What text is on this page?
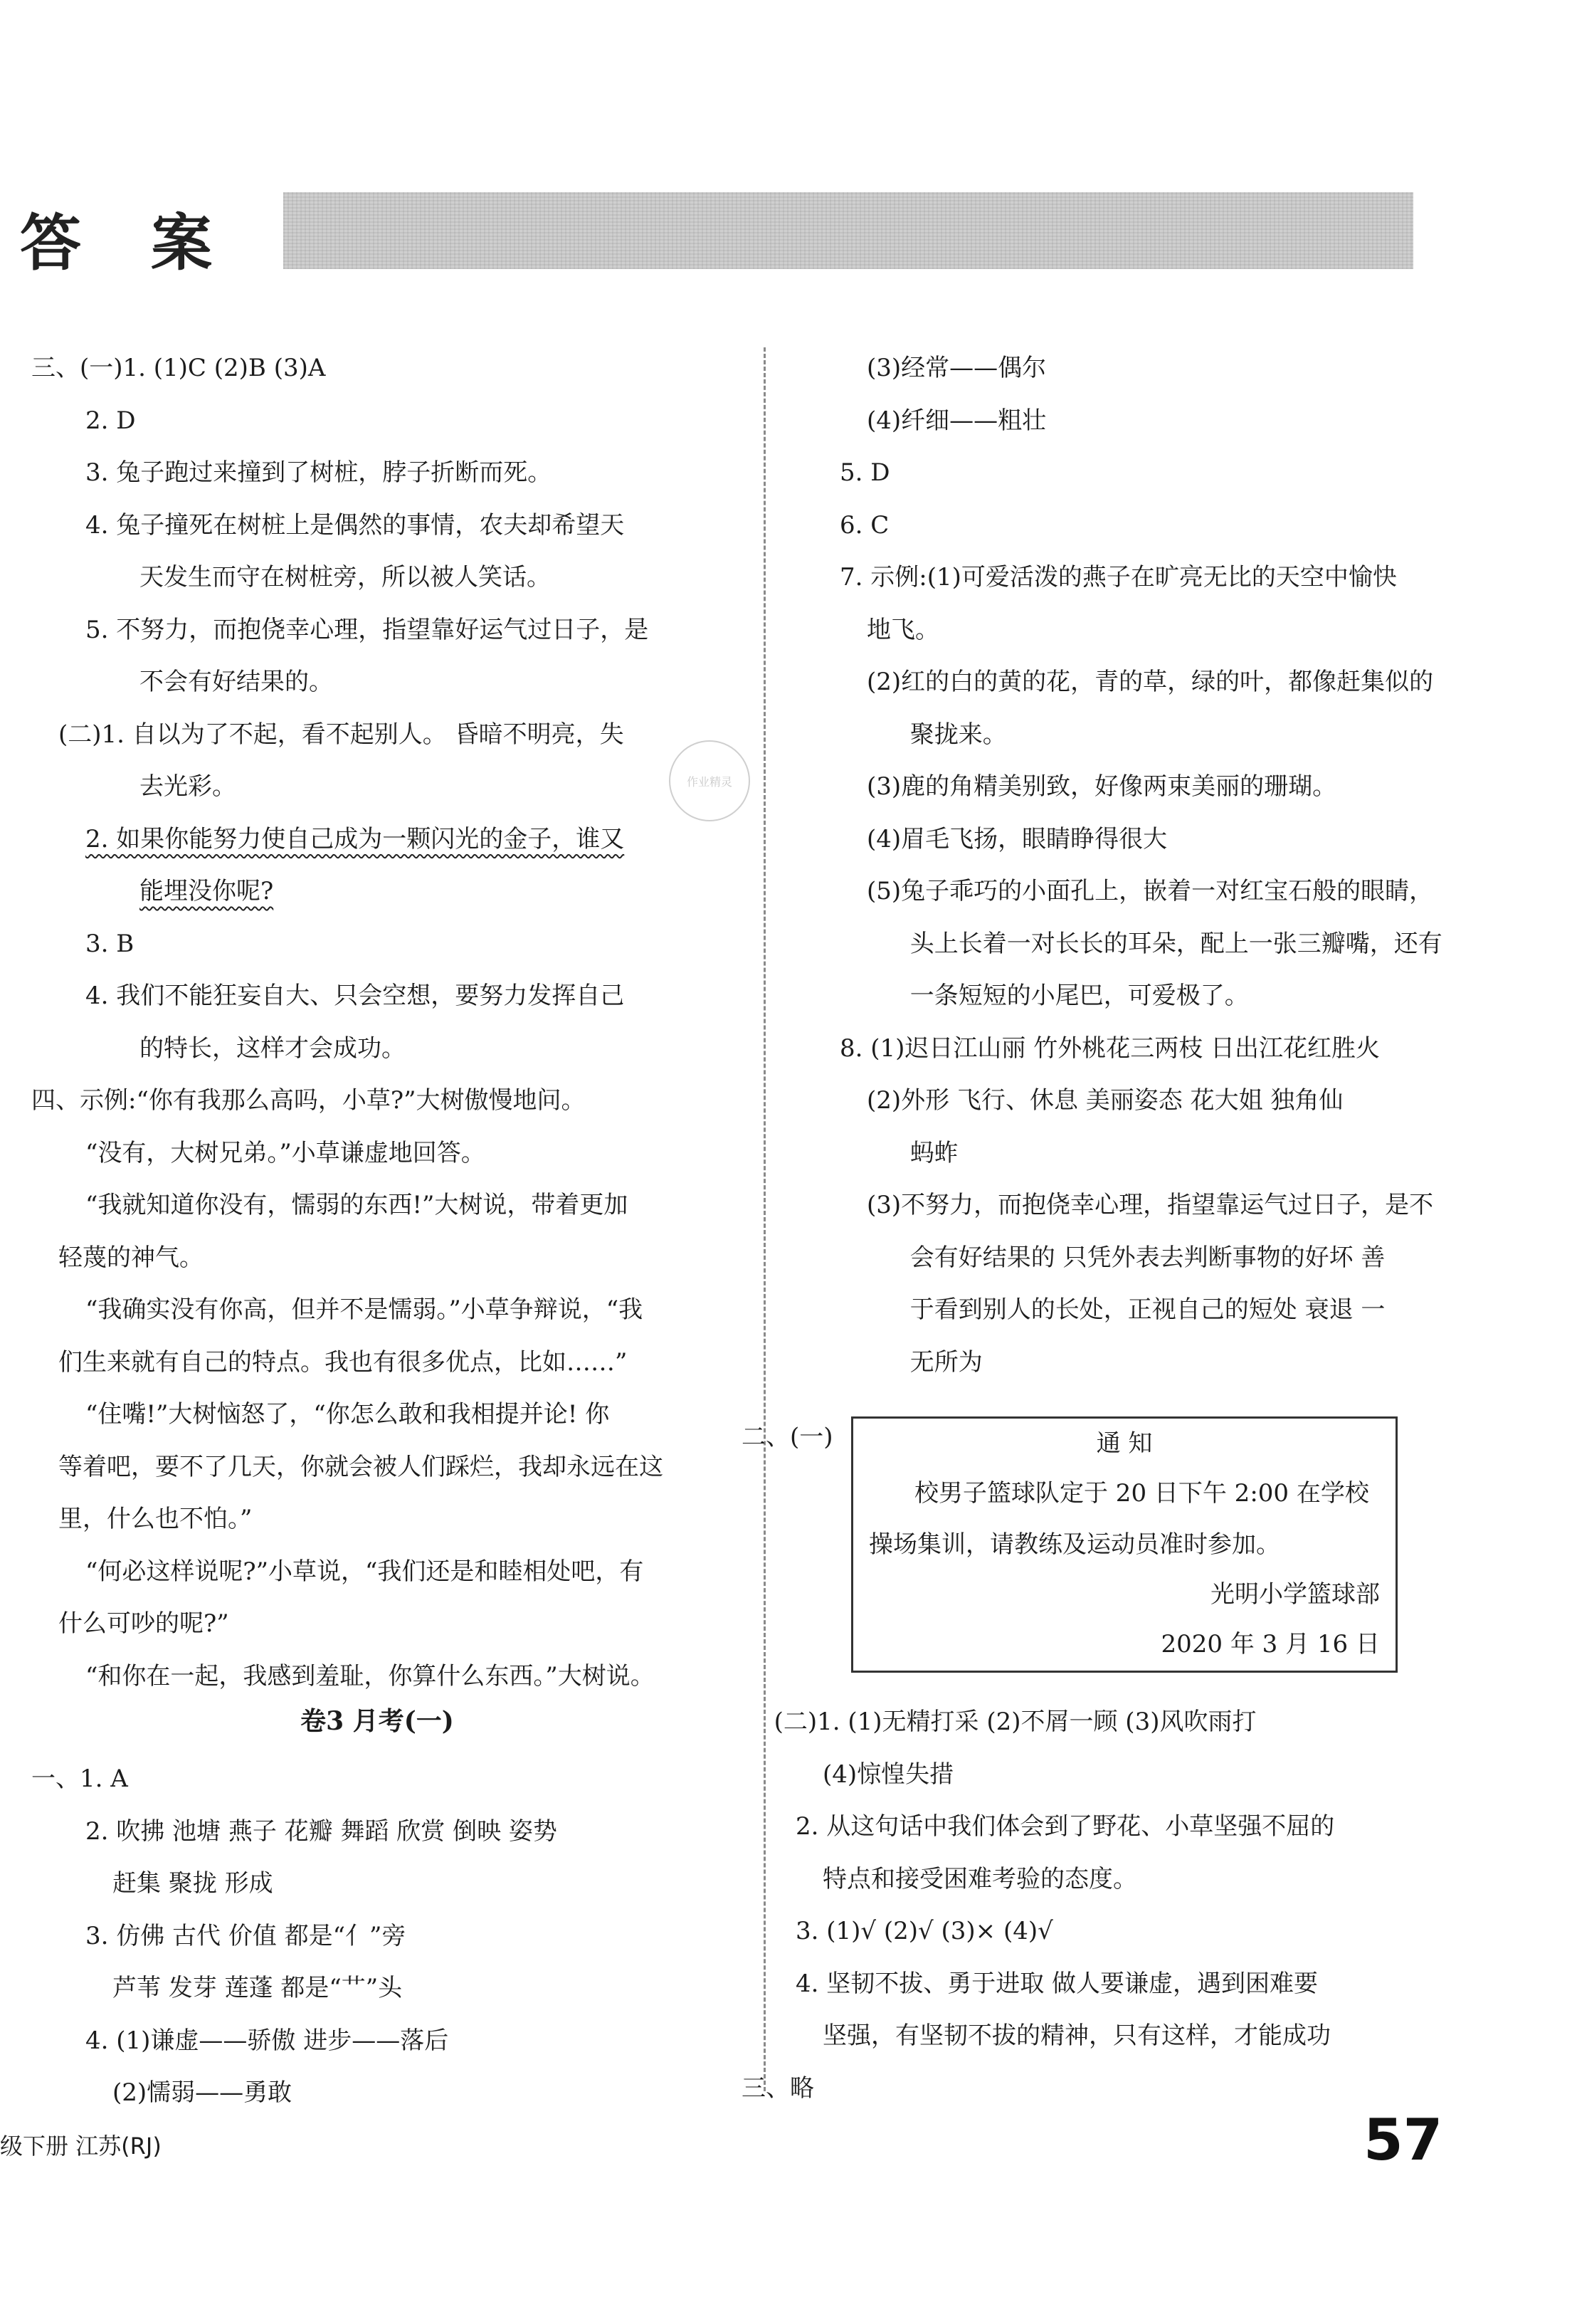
答 案
三、(一)1. (1)C (2)B (3)A
2. D
3. 兔子跑过来撞到了树桩，脖子折断而死。
4. 兔子撞死在树桩上是偶然的事情，农夫却希望天
天发生而守在树桩旁，所以被人笑话。
5. 不努力，而抱侥幸心理，指望靠好运气过日子，是
不会有好结果的。
(二)1. 自以为了不起，看不起别人。 昏暗不明亮，失
去光彩。
2. 如果你能努力使自己成为一颗闪光的金子，谁又
能埋没你呢?
3. B
4. 我们不能狂妄自大、只会空想，要努力发挥自己
的特长，这样才会成功。
四、示例:“你有我那么高吗，小草?”大树傲慢地问。
“没有，大树兄弟。”小草谦虚地回答。
“我就知道你没有，懦弱的东西!”大树说，带着更加
轻蔑的神气。
“我确实没有你高，但并不是懦弱。”小草争辩说，“我
们生来就有自己的特点。我也有很多优点，比如……”
“住嘴!”大树恼怒了，“你怎么敢和我相提并论! 你
等着吧，要不了几天，你就会被人们踩烂，我却永远在这
里，什么也不怕。”
“何必这样说呢?”小草说，“我们还是和睦相处吧，有
什么可吵的呢?”
“和你在一起，我感到羞耻，你算什么东西。”大树说。
卷3 月考(一)
一、1. A
2. 吹拂 池塘 燕子 花瓣 舞蹈 欣赏 倒映 姿势
赶集 聚拢 形成
3. 仿佛 古代 价值 都是“亻”旁
芦苇 发芽 莲蓬 都是“艹”头
4. (1)谦虚——骄傲 进步——落后
(2)懦弱——勇敢
(3)经常——偶尔
(4)纤细——粗壮
5. D
6. C
7. 示例:(1)可爱活泼的燕子在旷亮无比的天空中愉快
地飞。
(2)红的白的黄的花，青的草，绿的叶，都像赶集似的
聚拢来。
(3)鹿的角精美别致，好像两束美丽的珊瑚。
(4)眉毛飞扬，眼睛睁得很大
(5)兔子乖巧的小面孔上，嵌着一对红宝石般的眼睛，
头上长着一对长长的耳朵，配上一张三瓣嘴，还有
一条短短的小尾巴，可爱极了。
8. (1)迟日江山丽 竹外桃花三两枝 日出江花红胜火
(2)外形 飞行、休息 美丽姿态 花大姐 独角仙
蚂蚱
(3)不努力，而抱侥幸心理，指望靠运气过日子，是不
会有好结果的 只凭外表去判断事物的好坏 善
于看到别人的长处，正视自己的短处 衰退 一
无所为
二、(一)	通 知
校男子篮球队定于 20 日下午 2:00 在学校
操场集训，请教练及运动员准时参加。
光明小学篮球部
2020 年 3 月 16 日
(二)1. (1)无精打采 (2)不屑一顾 (3)风吹雨打
(4)惊惶失措
2. 从这句话中我们体会到了野花、小草坚强不屈的
特点和接受困难考验的态度。
3. (1)√ (2)√ (3)× (4)√
4. 坚韧不拔、勇于进取 做人要谦虚，遇到困难要
坚强，有坚韧不拔的精神，只有这样，才能成功
三、略
作业精灵
级下册 江苏(RJ)	57
